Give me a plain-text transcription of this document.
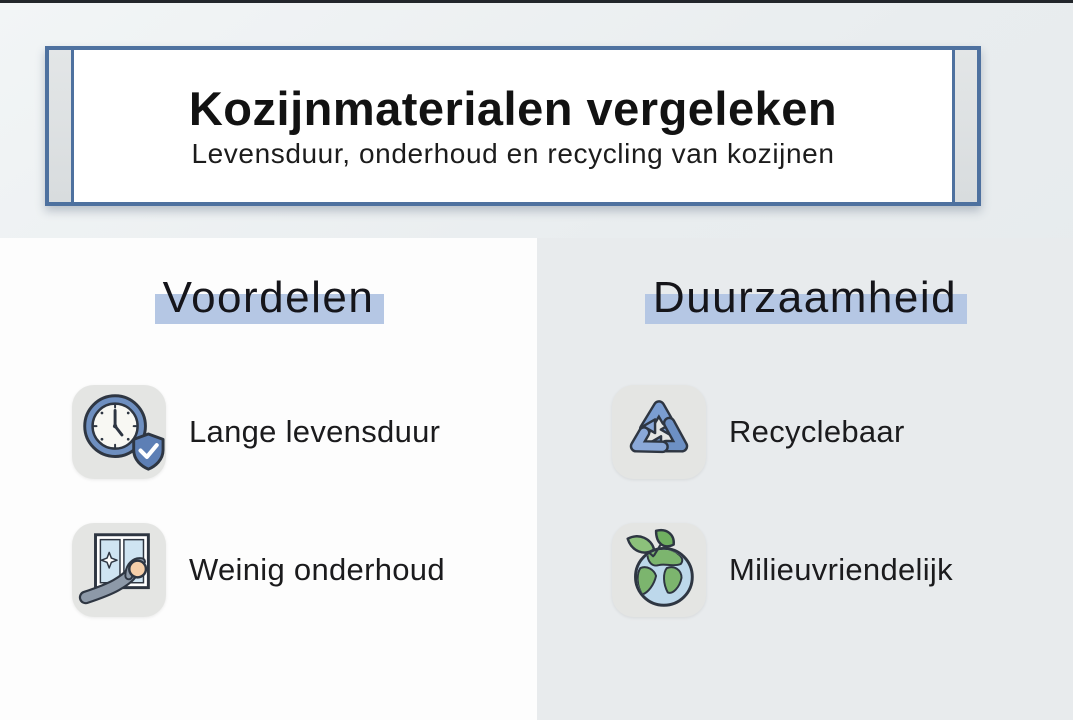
Kozijnmaterialen vergeleken
Levensduur, onderhoud en recycling van kozijnen
Voordelen	Duurzaamheid
Lange levensduur
Weinig onderhoud
Recyclebaar
Milieuvriendelijk
